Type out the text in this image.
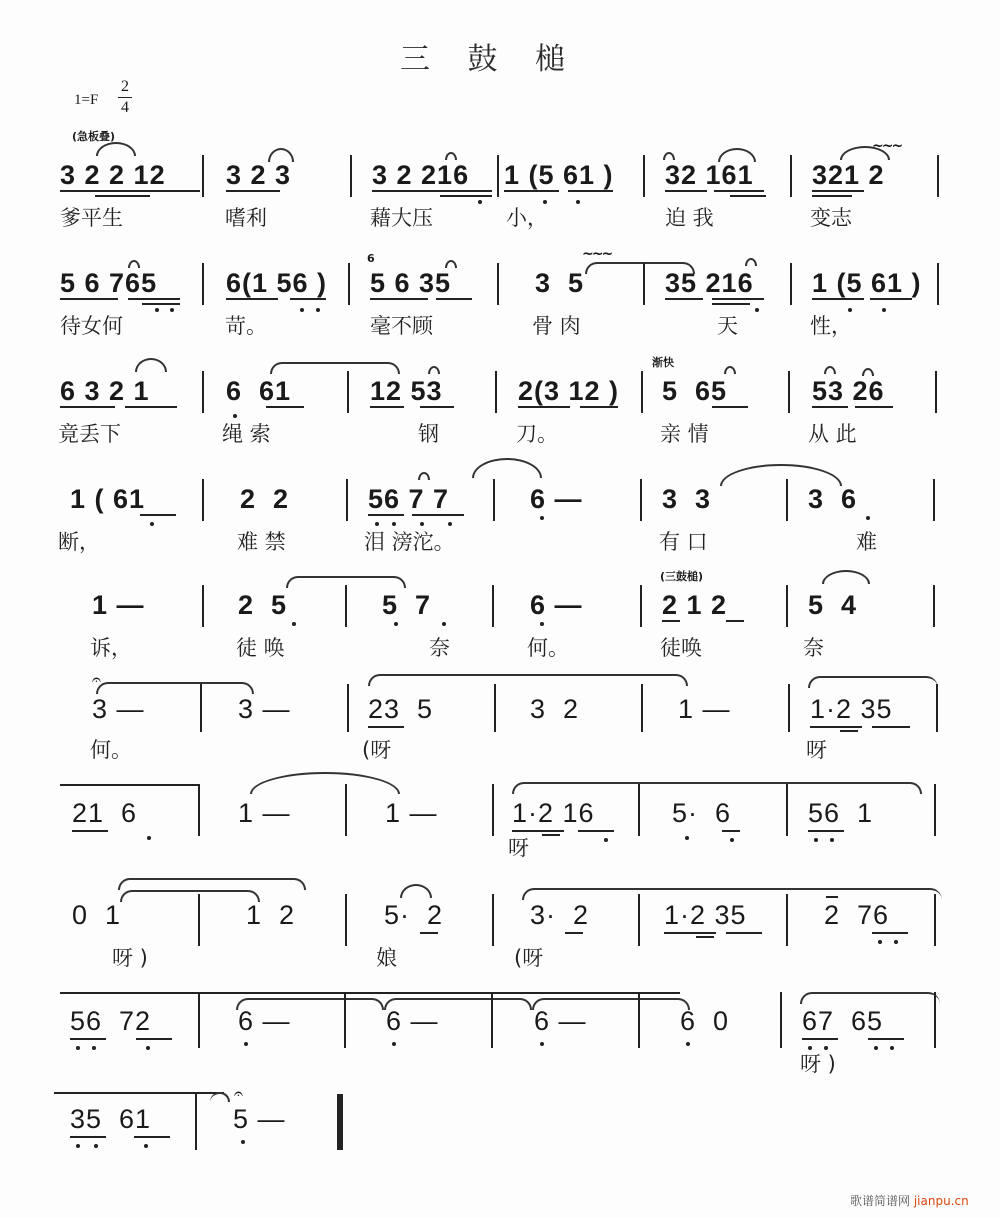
三 鼓 槌
1=F
2
4
(急板叠)
~~~
3 2 2 12 3 2 3	3 2 216 1 (5 61 ) 32 161 321 2
爹平生	嗜利	藉大压	小，	迫 我	变志
6	~~~
5 6 765	6(1 56 ) 5 6 35	3  5	35 216 1 (5 61 )
待女何	苛。	毫不顾	骨 肉	天	性，
渐快
6 3 2 1	6  61	12 53	2(3 12 ) 5  65	53 26
竟丢下	绳 索	钢	刀。	亲 情	从 此
1 ( 61	2  2	56 7 7	6 —	3  3	3  6
断，	难 禁	泪 滂沱。	有 口	难
(三鼓槌)
1 —	2  5	5  7	6 —	2 1 2	5  4
诉，	徒 唤	奈	何。	徒唤	奈
𝄐
3 —	3 —	23  5	3  2	1 —	1·2 35
何。	(呀	呀
21  6	1 —	1 —	1·2 16	5·  6	56  1
呀
0  1	1  2	5·  2	3·  2	1·2 35	2  76
呀 )	娘	(呀
56  72	6 —	6 —	6 —	6  0	67  65
呀 )
𝄐
35  61	5 —
歌谱简谱网 jianpu.cn
